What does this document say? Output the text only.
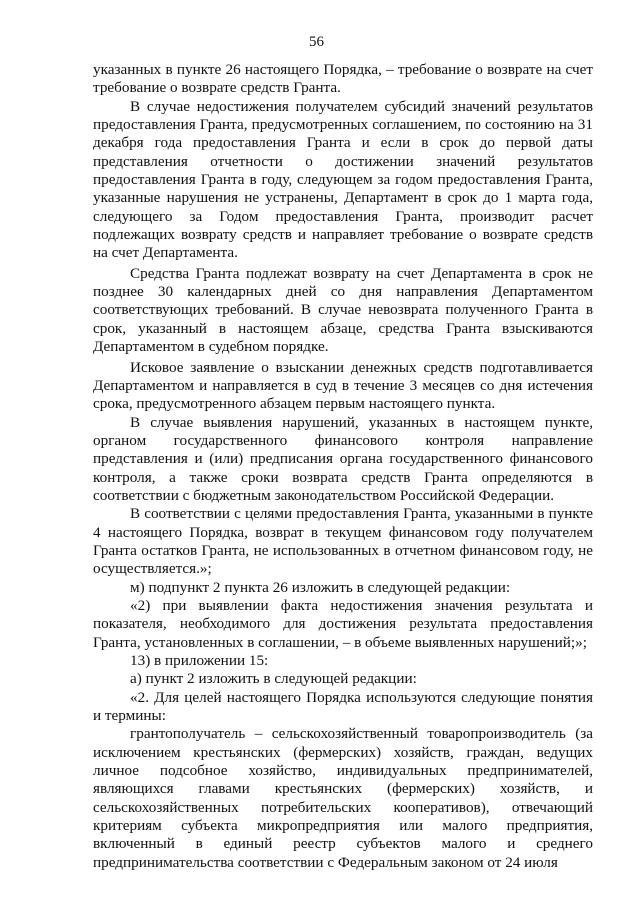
56

указанных в пункте 26 настоящего Порядка, – требование о возврате на счет требование о возврате средств Гранта.

В случае недостижения получателем субсидий значений результатов предоставления Гранта, предусмотренных соглашением, по состоянию на 31 декабря года предоставления Гранта и если в срок до первой даты представления отчетности о достижении значений результатов предоставления Гранта в году, следующем за годом предоставления Гранта, указанные нарушения не устранены, Департамент в срок до 1 марта года, следующего за Годом предоставления Гранта, производит расчет подлежащих возврату средств и направляет требование о возврате средств на счет Департамента.

Средства Гранта подлежат возврату на счет Департамента в срок не позднее 30 календарных дней со дня направления Департаментом соответствующих требований. В случае невозврата полученного Гранта в срок, указанный в настоящем абзаце, средства Гранта взыскиваются Департаментом в судебном порядке.

Исковое заявление о взыскании денежных средств подготавливается Департаментом и направляется в суд в течение 3 месяцев со дня истечения срока, предусмотренного абзацем первым настоящего пункта.

В случае выявления нарушений, указанных в настоящем пункте, органом государственного финансового контроля направление представления и (или) предписания органа государственного финансового контроля, а также сроки возврата средств Гранта определяются в соответствии с бюджетным законодательством Российской Федерации.

В соответствии с целями предоставления Гранта, указанными в пункте 4 настоящего Порядка, возврат в текущем финансовом году получателем Гранта остатков Гранта, не использованных в отчетном финансовом году, не осуществляется.»;

м) подпункт 2 пункта 26 изложить в следующей редакции:

«2) при выявлении факта недостижения значения результата и показателя, необходимого для достижения результата предоставления Гранта, установленных в соглашении, – в объеме выявленных нарушений;»;

13) в приложении 15:

а) пункт 2 изложить в следующей редакции:

«2. Для целей настоящего Порядка используются следующие понятия и термины:

грантополучатель – сельскохозяйственный товаропроизводитель (за исключением крестьянских (фермерских) хозяйств, граждан, ведущих личное подсобное хозяйство, индивидуальных предпринимателей, являющихся главами крестьянских (фермерских) хозяйств, и сельскохозяйственных потребительских кооперативов), отвечающий критериям субъекта микропредприятия или малого предприятия, включенный в единый реестр субъектов малого и среднего предпринимательства соответствии с Федеральным законом от 24 июля
